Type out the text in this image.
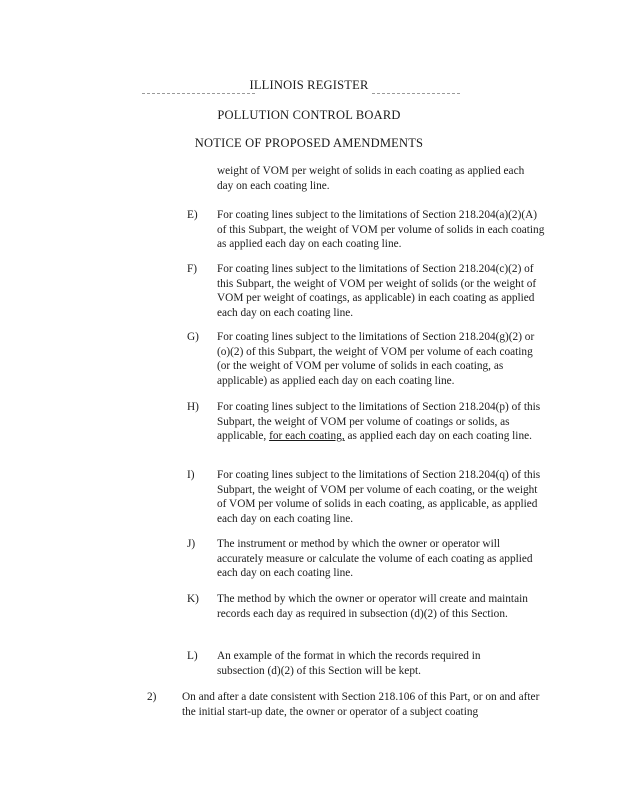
ILLINOIS REGISTER
POLLUTION CONTROL BOARD
NOTICE OF PROPOSED AMENDMENTS
weight of VOM per weight of solids in each coating as applied each day on each coating line.
E) For coating lines subject to the limitations of Section 218.204(a)(2)(A) of this Subpart, the weight of VOM per volume of solids in each coating as applied each day on each coating line.
F) For coating lines subject to the limitations of Section 218.204(c)(2) of this Subpart, the weight of VOM per weight of solids (or the weight of VOM per weight of coatings, as applicable) in each coating as applied each day on each coating line.
G) For coating lines subject to the limitations of Section 218.204(g)(2) or (o)(2) of this Subpart, the weight of VOM per volume of each coating (or the weight of VOM per volume of solids in each coating, as applicable) as applied each day on each coating line.
H) For coating lines subject to the limitations of Section 218.204(p) of this Subpart, the weight of VOM per volume of coatings or solids, as applicable, for each coating, as applied each day on each coating line.
I) For coating lines subject to the limitations of Section 218.204(q) of this Subpart, the weight of VOM per volume of each coating, or the weight of VOM per volume of solids in each coating, as applicable, as applied each day on each coating line.
J) The instrument or method by which the owner or operator will accurately measure or calculate the volume of each coating as applied each day on each coating line.
K) The method by which the owner or operator will create and maintain records each day as required in subsection (d)(2) of this Section.
L) An example of the format in which the records required in subsection (d)(2) of this Section will be kept.
2) On and after a date consistent with Section 218.106 of this Part, or on and after the initial start-up date, the owner or operator of a subject coating
